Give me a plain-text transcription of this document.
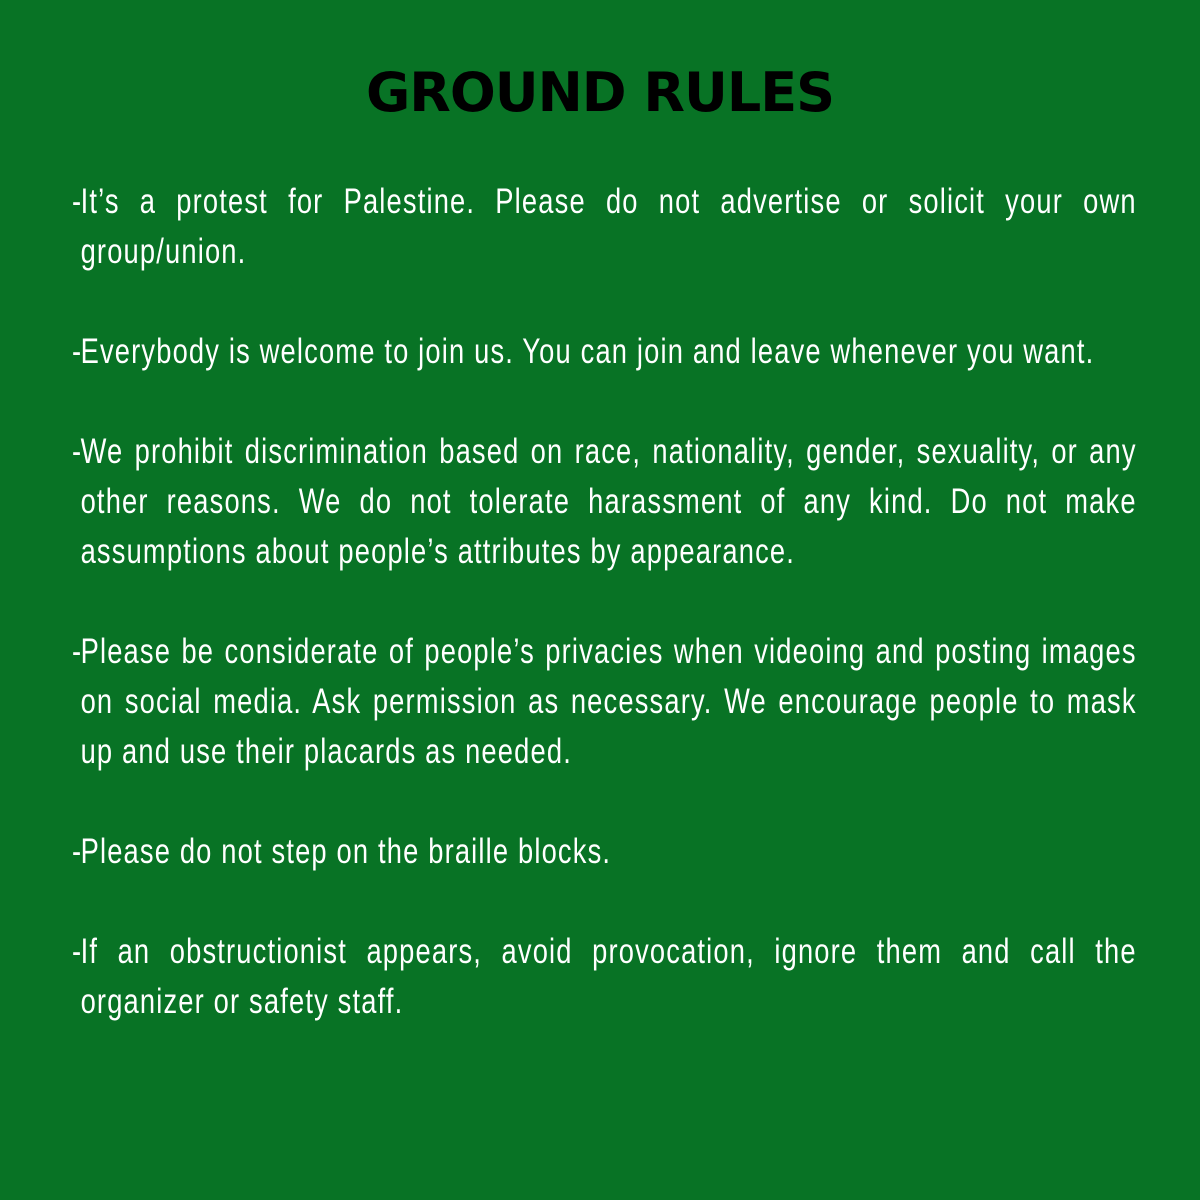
GROUND RULES
-
It’s a protest for Palestine. Please do not advertise or solicit your own group/union.
-
Everybody is welcome to join us. You can join and leave whenever you want.
-
We prohibit discrimination based on race, nationality, gender, sexuality, or any other reasons. We do not tolerate harassment of any kind. Do not make assumptions about people’s attributes by appearance.
-
Please be considerate of people’s privacies when videoing and posting images on social media. Ask permission as necessary. We encourage people to mask up and use their placards as needed.
-
Please do not step on the braille blocks.
-
If an obstructionist appears, avoid provocation, ignore them and call the organizer or safety staff.
